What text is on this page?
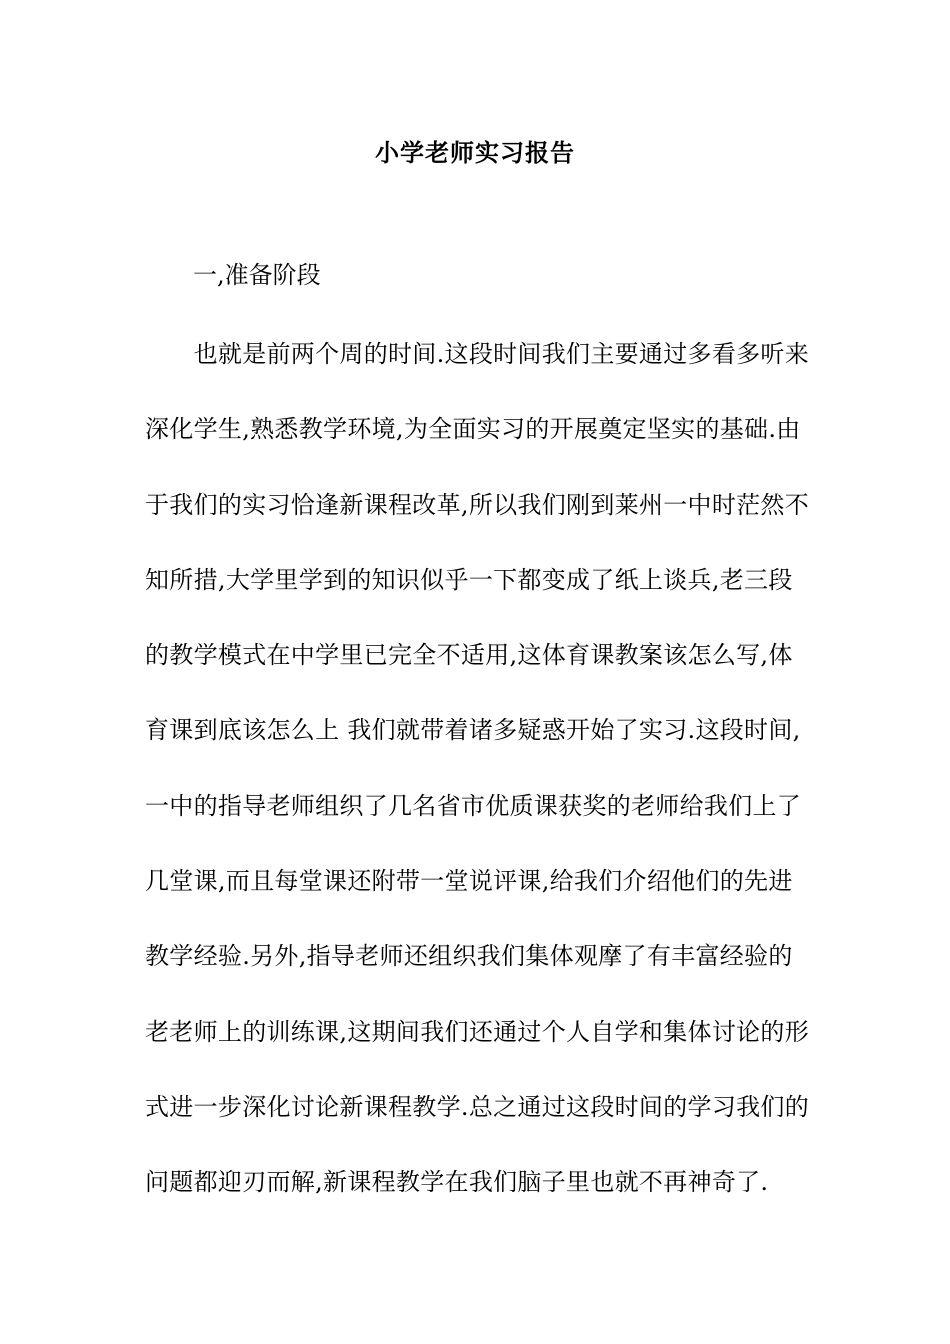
小学老师实习报告
一,准备阶段
　　也就是前两个周的时间.这段时间我们主要通过多看多听来
深化学生,熟悉教学环境,为全面实习的开展奠定坚实的基础.由
于我们的实习恰逢新课程改革,所以我们刚到莱州一中时茫然不
知所措,大学里学到的知识似乎一下都变成了纸上谈兵,老三段
的教学模式在中学里已完全不适用,这体育课教案该怎么写,体
育课到底该怎么上 我们就带着诸多疑惑开始了实习.这段时间,
一中的指导老师组织了几名省市优质课获奖的老师给我们上了
几堂课,而且每堂课还附带一堂说评课,给我们介绍他们的先进
教学经验.另外,指导老师还组织我们集体观摩了有丰富经验的
老老师上的训练课,这期间我们还通过个人自学和集体讨论的形
式进一步深化讨论新课程教学.总之通过这段时间的学习我们的
问题都迎刃而解,新课程教学在我们脑子里也就不再神奇了.
